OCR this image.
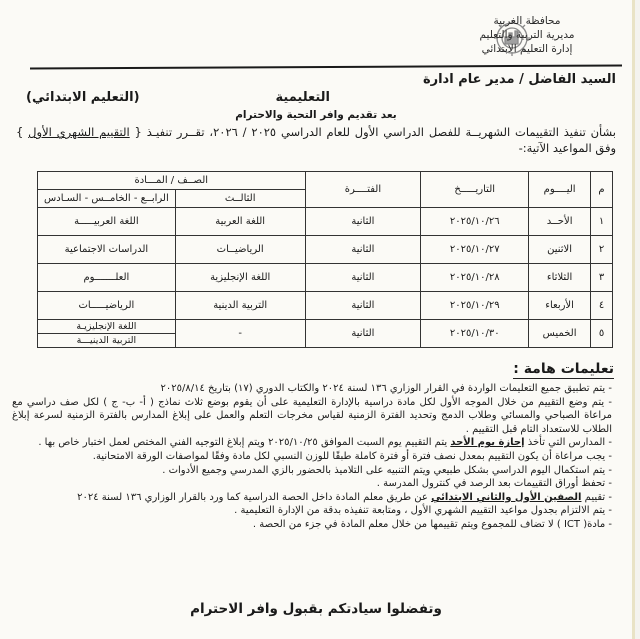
محافظة الغربية
مديرية التربية والتعليم
إدارة التعليم الابتدائي
السيد الفاضل / مدير عام ادارة
التعليمية
(التعليم الابتدائي)
بعد تقديم وافر التحية والاحترام
بشأن تنفيذ التقييمات الشهريــة للفصل الدراسي الأول للعام الدراسي ٢٠٢٥ / ٢٠٢٦، تقــرر تنفيـذ { التقييم الشهري الأول } وفق المواعيد الآتية:-
م	اليــــوم	التاريـــــخ	الفتــــرة	الصــف / المـــادة	
				الثالــث	الرابــع - الخامــس - السـادس
١	الأحــد	٢٠٢٥/١٠/٢٦	الثانية	اللغة العربية	اللغة العربيـــــة
٢	الاثنين	٢٠٢٥/١٠/٢٧	الثانية	الرياضيــات	الدراسات الاجتماعية
٣	الثلاثاء	٢٠٢٥/١٠/٢٨	الثانية	اللغة الإنجليزية	العلـــــــوم
٤	الأربعاء	٢٠٢٥/١٠/٢٩	الثانية	التربية الدينية	الرياضيـــــات
٥	الخميس	٢٠٢٥/١٠/٣٠	الثانية	-	اللغة الإنجليزيـة
					التربية الدينيـــة
تعليمات هامة :

- يتم تطبيق جميع التعليمات الواردة في القرار الوزاري ١٣٦ لسنة ٢٠٢٤ والكتاب الدوري (١٧) بتاريخ ٢٠٢٥/٨/١٤

- يتم وضع التقييم من خلال الموجه الأول لكل مادة دراسية بالإدارة التعليمية على أن يقوم بوضع ثلاث نماذج ( أ- ب- ج ) لكل صف دراسي مع مراعاة الصباحي والمسائي وطلاب الدمج وتحديد الفترة الزمنية لقياس مخرجات التعلم والعمل على إبلاغ المدارس بالفترة الزمنية لسرعة إبلاغ الطلاب للاستعداد التام قبل التقييم .

- المدارس التي تأخذ إجازة يوم الأحد يتم التقييم يوم السبت الموافق ٢٠٢٥/١٠/٢٥ ويتم إبلاغ التوجيه الفني المختص لعمل اختبار خاص بها .

- يجب مراعاة أن يكون التقييم بمعدل نصف فترة أو فترة كاملة طبقًا للوزن النسبي لكل مادة وفقًا لمواصفات الورقة الامتحانية.

- يتم استكمال اليوم الدراسي بشكل طبيعي ويتم التنبيه على التلاميذ بالحضور بالزي المدرسي وجميع الأدوات .

- تحفظ أوراق التقييمات بعد الرصد في كنترول المدرسة .

- تقييم الصفين الأول والثاني الابتدائي عن طريق معلم المادة داخل الحصة الدراسية كما ورد بالقرار الوزاري ١٣٦ لسنة ٢٠٢٤

- يتم الالتزام بجدول مواعيد التقييم الشهري الأول ، ومتابعة تنفيذه بدقة من الإدارة التعليمية .

- مادة( ICT ) لا تضاف للمجموع ويتم تقييمها من خلال معلم المادة في جزء من الحصة .

وتفضلوا سيادتكم بقبول وافر الاحترام
